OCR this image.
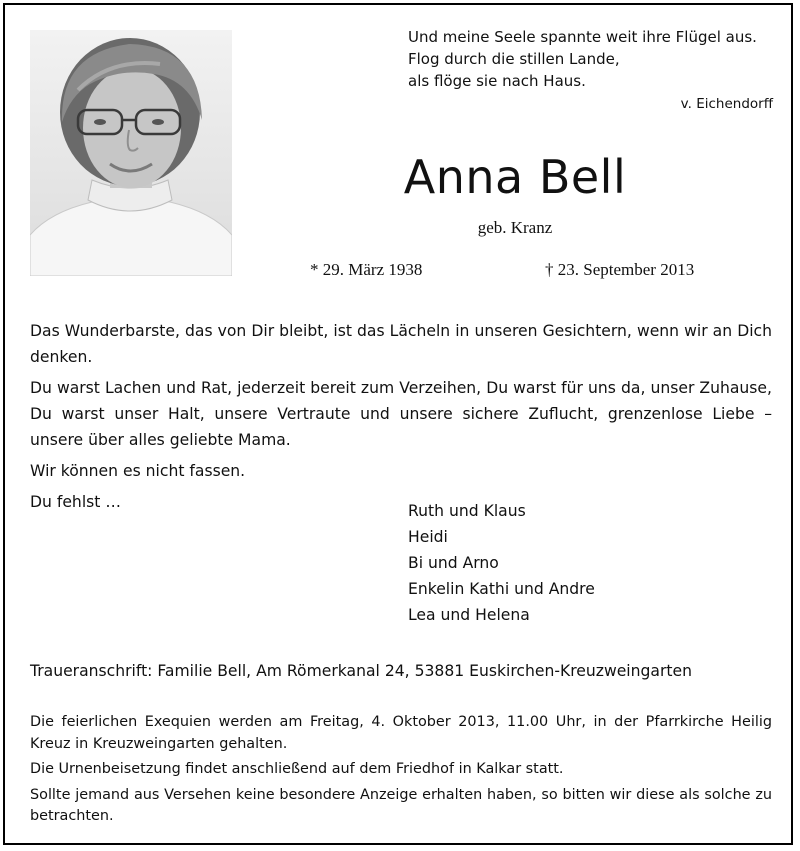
Und meine Seele spannte weit ihre Flügel aus.
Flog durch die stillen Lande,
als flöge sie nach Haus.
v. Eichendorff
Anna Bell
geb. Kranz
* 29. März 1938	† 23. September 2013

Das Wunderbarste, das von Dir bleibt, ist das Lächeln in unseren Gesichtern, wenn wir an Dich denken.

Du warst Lachen und Rat, jederzeit bereit zum Verzeihen, Du warst für uns da, unser Zuhause, Du warst unser Halt, unsere Vertraute und unsere sichere Zuflucht, grenzenlose Liebe – unsere über alles geliebte Mama.

Wir können es nicht fassen.

Du fehlst …	Ruth und Klaus
Heidi
Bi und Arno
Enkelin Kathi und Andre
Lea und Helena
Traueranschrift: Familie Bell, Am Römerkanal 24, 53881 Euskirchen-Kreuzweingarten

Die feierlichen Exequien werden am Freitag, 4. Oktober 2013, 11.00 Uhr, in der Pfarrkirche Heilig Kreuz in Kreuzweingarten gehalten.

Die Urnenbeisetzung findet anschließend auf dem Friedhof in Kalkar statt.

Sollte jemand aus Versehen keine besondere Anzeige erhalten haben, so bitten wir diese als solche zu betrachten.
